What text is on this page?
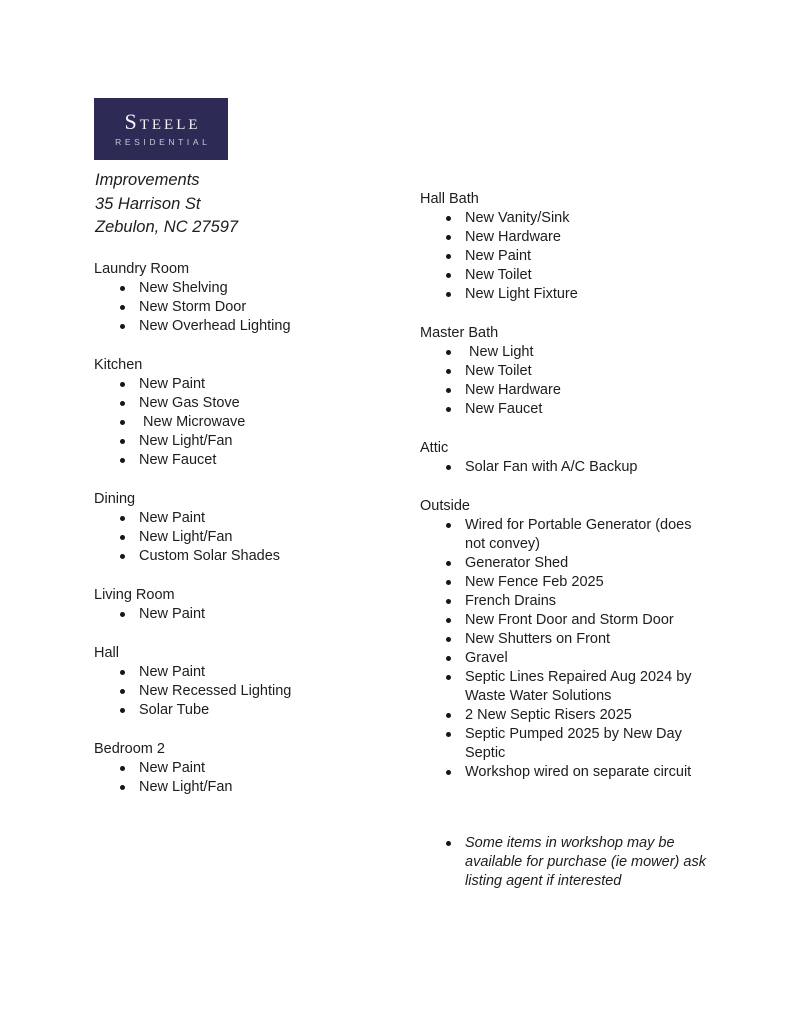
Steele
RESIDENTIAL
Improvements
35 Harrison St
Zebulon, NC 27597
Laundry Room
New Shelving
New Storm Door
New Overhead Lighting
Kitchen
New Paint
New Gas Stove
New Microwave
New Light/Fan
New Faucet
Dining
New Paint
New Light/Fan
Custom Solar Shades
Living Room
New Paint
Hall
New Paint
New Recessed Lighting
Solar Tube
Bedroom 2
New Paint
New Light/Fan
Hall Bath
New Vanity/Sink
New Hardware
New Paint
New Toilet
New Light Fixture
Master Bath
New Light
New Toilet
New Hardware
New Faucet
Attic
Solar Fan with A/C Backup
Outside
Wired for Portable Generator (does not convey)
Generator Shed
New Fence Feb 2025
French Drains
New Front Door and Storm Door
New Shutters on Front
Gravel
Septic Lines Repaired Aug 2024 by Waste Water Solutions
2 New Septic Risers 2025
Septic Pumped 2025 by New Day Septic
Workshop wired on separate circuit
Some items in workshop may be available for purchase (ie mower) ask listing agent if interested
